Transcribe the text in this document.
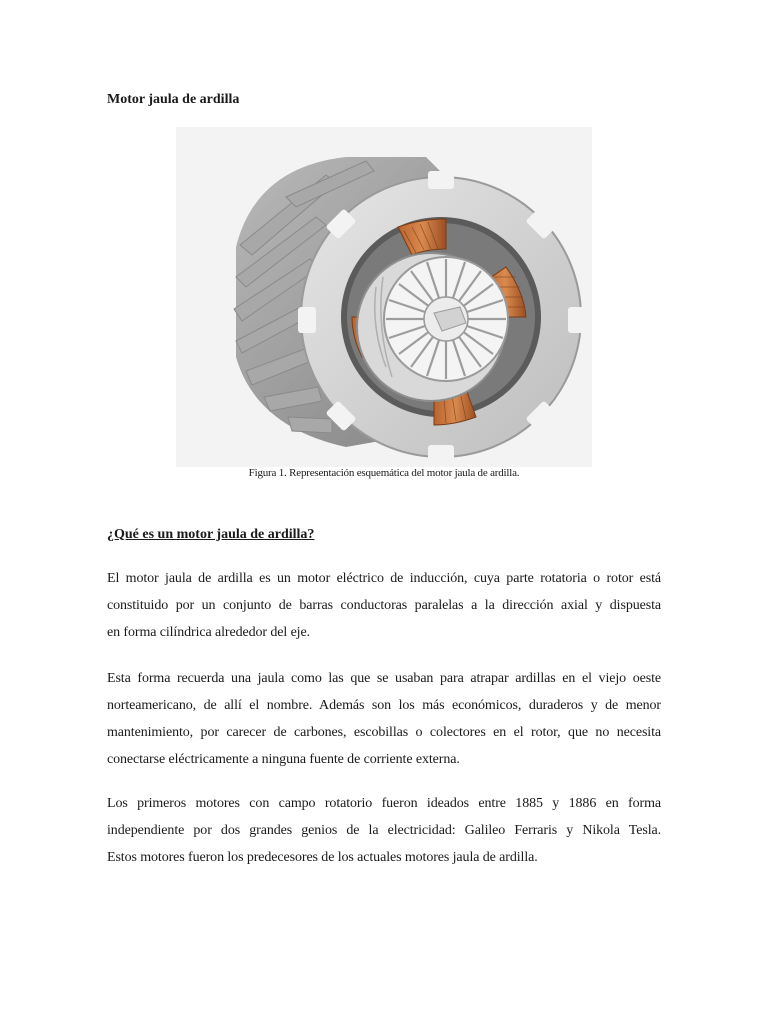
Motor jaula de ardilla
Figura 1. Representación esquemática del motor jaula de ardilla.
¿Qué es un motor jaula de ardilla?

El motor jaula de ardilla es un motor eléctrico de inducción, cuya parte rotatoria o rotor está
constituido por un conjunto de barras conductoras paralelas a la dirección axial y dispuesta
en forma cilíndrica alrededor del eje.

Esta forma recuerda una jaula como las que se usaban para atrapar ardillas en el viejo oeste
norteamericano, de allí el nombre. Además son los más económicos, duraderos y de menor
mantenimiento, por carecer de carbones, escobillas o colectores en el rotor, que no necesita
conectarse eléctricamente a ninguna fuente de corriente externa.

Los primeros motores con campo rotatorio fueron ideados entre 1885 y 1886 en forma
independiente por dos grandes genios de la electricidad: Galileo Ferraris y Nikola Tesla.
Estos motores fueron los predecesores de los actuales motores jaula de ardilla.
